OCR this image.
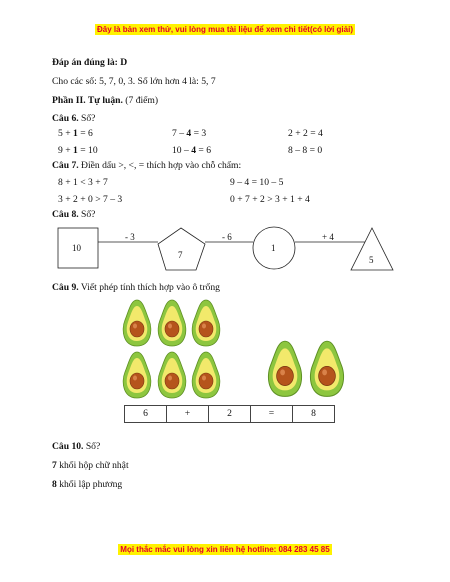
Đây là bản xem thử, vui lòng mua tài liệu để xem chi tiết(có lời giải)
Đáp án đúng là: D
Cho các số: 5, 7, 0, 3. Số lớn hơn 4 là: 5, 7
Phần II. Tự luận. (7 điểm)
Câu 6. Số?
5 + 1 = 6	7 – 4 = 3	2 + 2 = 4
9 + 1 = 10	10 – 4 = 6	8 – 8 = 0
Câu 7. Điền dấu >, <, = thích hợp vào chỗ chấm:
8 + 1 < 3 + 7	9 – 4 = 10 – 5
3 + 2 + 0 > 7 – 3	0 + 7 + 2 > 3 + 1 + 4
Câu 8. Số?
10
7
1
5
- 3	- 6	+ 4
Câu 9. Viết phép tính thích hợp vào ô trống
6	+	2	=	8
Câu 10. Số?
7 khối hộp chữ nhật
8 khối lập phương
Mọi thắc mắc vui lòng xin liên hệ hotline: 084 283 45 85
